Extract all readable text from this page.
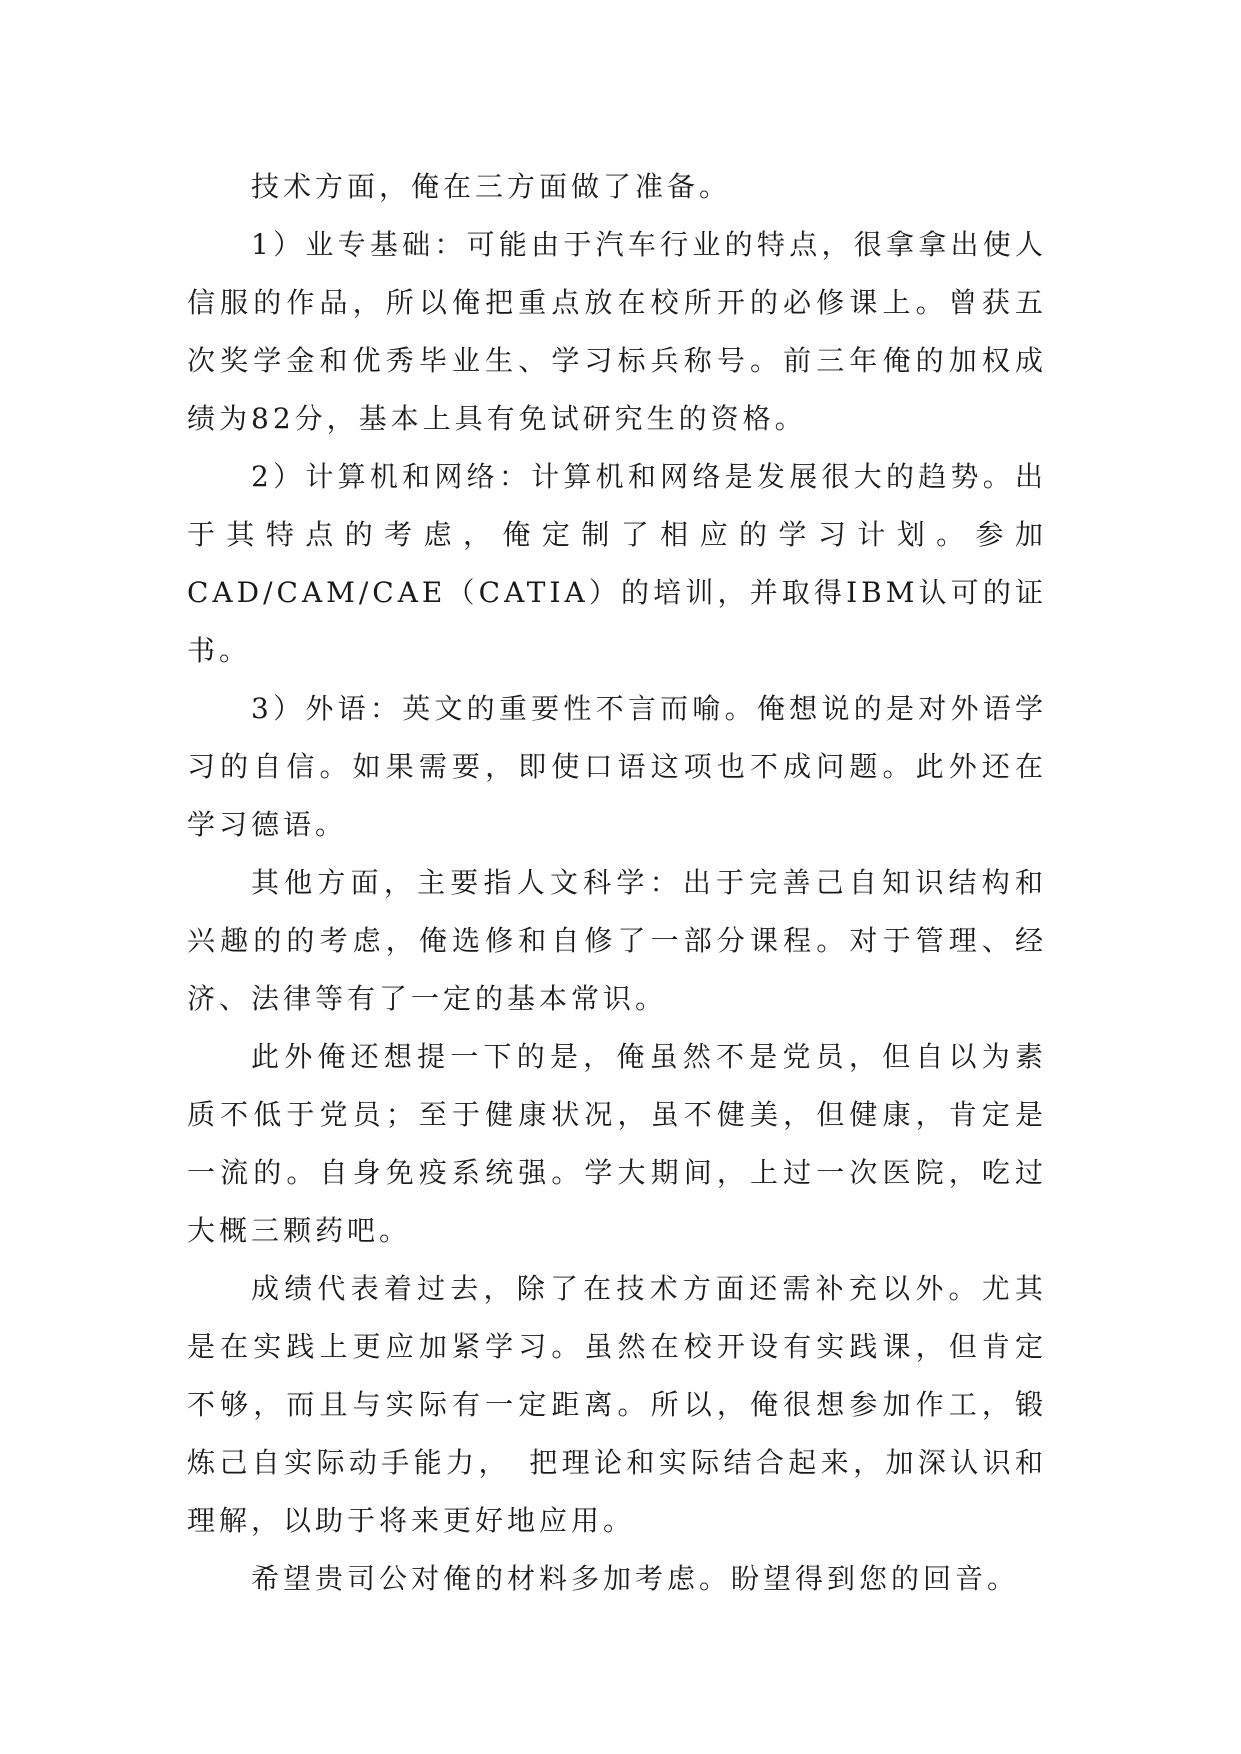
技术方面，俺在三方面做了准备。

1）业专基础：可能由于汽车行业的特点，很拿拿出使人信服的作品，所以俺把重点放在校所开的必修课上。曾获五次奖学金和优秀毕业生、学习标兵称号。前三年俺的加权成绩为82分，基本上具有免试研究生的资格。

2）计算机和网络：计算机和网络是发展很大的趋势。出于其特点的考虑，俺定制了相应的学习计划。参加CAD/CAM/CAE（CATIA）的培训，并取得IBM认可的证书。

3）外语：英文的重要性不言而喻。俺想说的是对外语学习的自信。如果需要，即使口语这项也不成问题。此外还在学习德语。

其他方面，主要指人文科学：出于完善己自知识结构和兴趣的的考虑，俺选修和自修了一部分课程。对于管理、经济、法律等有了一定的基本常识。

此外俺还想提一下的是，俺虽然不是党员，但自以为素质不低于党员；至于健康状况，虽不健美，但健康，肯定是一流的。自身免疫系统强。学大期间，上过一次医院，吃过大概三颗药吧。

成绩代表着过去，除了在技术方面还需补充以外。尤其是在实践上更应加紧学习。虽然在校开设有实践课，但肯定不够，而且与实际有一定距离。所以，俺很想参加作工，锻炼己自实际动手能力，　把理论和实际结合起来，加深认识和理解，以助于将来更好地应用。

希望贵司公对俺的材料多加考虑。盼望得到您的回音。
